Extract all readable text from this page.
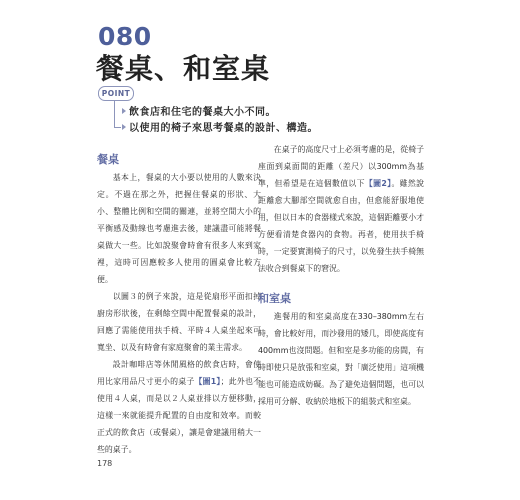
080
餐桌、和室桌
POINT
飲食店和住宅的餐桌大小不同。
以使用的椅子來思考餐桌的設計、構造。
餐桌

基本上，餐桌的大小要以使用的人數來決定。不過在那之外，把握住餐桌的形狀、大小、整體比例和空間的關連，並將空間大小的平衡感及動線也考慮進去後，建議盡可能將餐桌做大一些。比如說聚會時會有很多人來到家裡，這時可因應較多人使用的圓桌會比較方便。

以圖３的例子來說，這是從扇形平面扣掉廚房形狀後，在剩餘空間中配置餐桌的設計，回應了需能使用扶手椅、平時４人桌坐起來可寬坐、以及有時會有家庭聚會的業主需求。

設計咖啡店等休閒風格的飲食店時，會使用比家用品尺寸更小的桌子【圖1】；此外也不使用４人桌，而是以２人桌並排以方便移動，這樣一來就能提升配置的自由度和效率。而較正式的飲食店（或餐桌），讓是會建議用稍大一些的桌子。

在桌子的高度尺寸上必須考慮的是，從椅子座面到桌面間的距離（差尺）以300mm為基準，但希望是在這個數值以下【圖2】。雖然說距離愈大腳部空間就愈自由，但愈能舒服地使用，但以日本的食器樣式來說，這個距離要小才方便看清楚食器內的食物。再者，使用扶手椅時，一定要實測椅子的尺寸，以免發生扶手椅無法收合到餐桌下的窘況。

和室桌

進餐用的和室桌高度在330–380mm左右時，會比較好用，而沙發用的矮几，即使高度有400mm也沒問題。但和室是多功能的房間，有時即使只是放張和室桌，對「廣泛使用」這項機能也可能造成妨礙。為了避免這個問題，也可以採用可分解、收納於地板下的組裝式和室桌。

178
